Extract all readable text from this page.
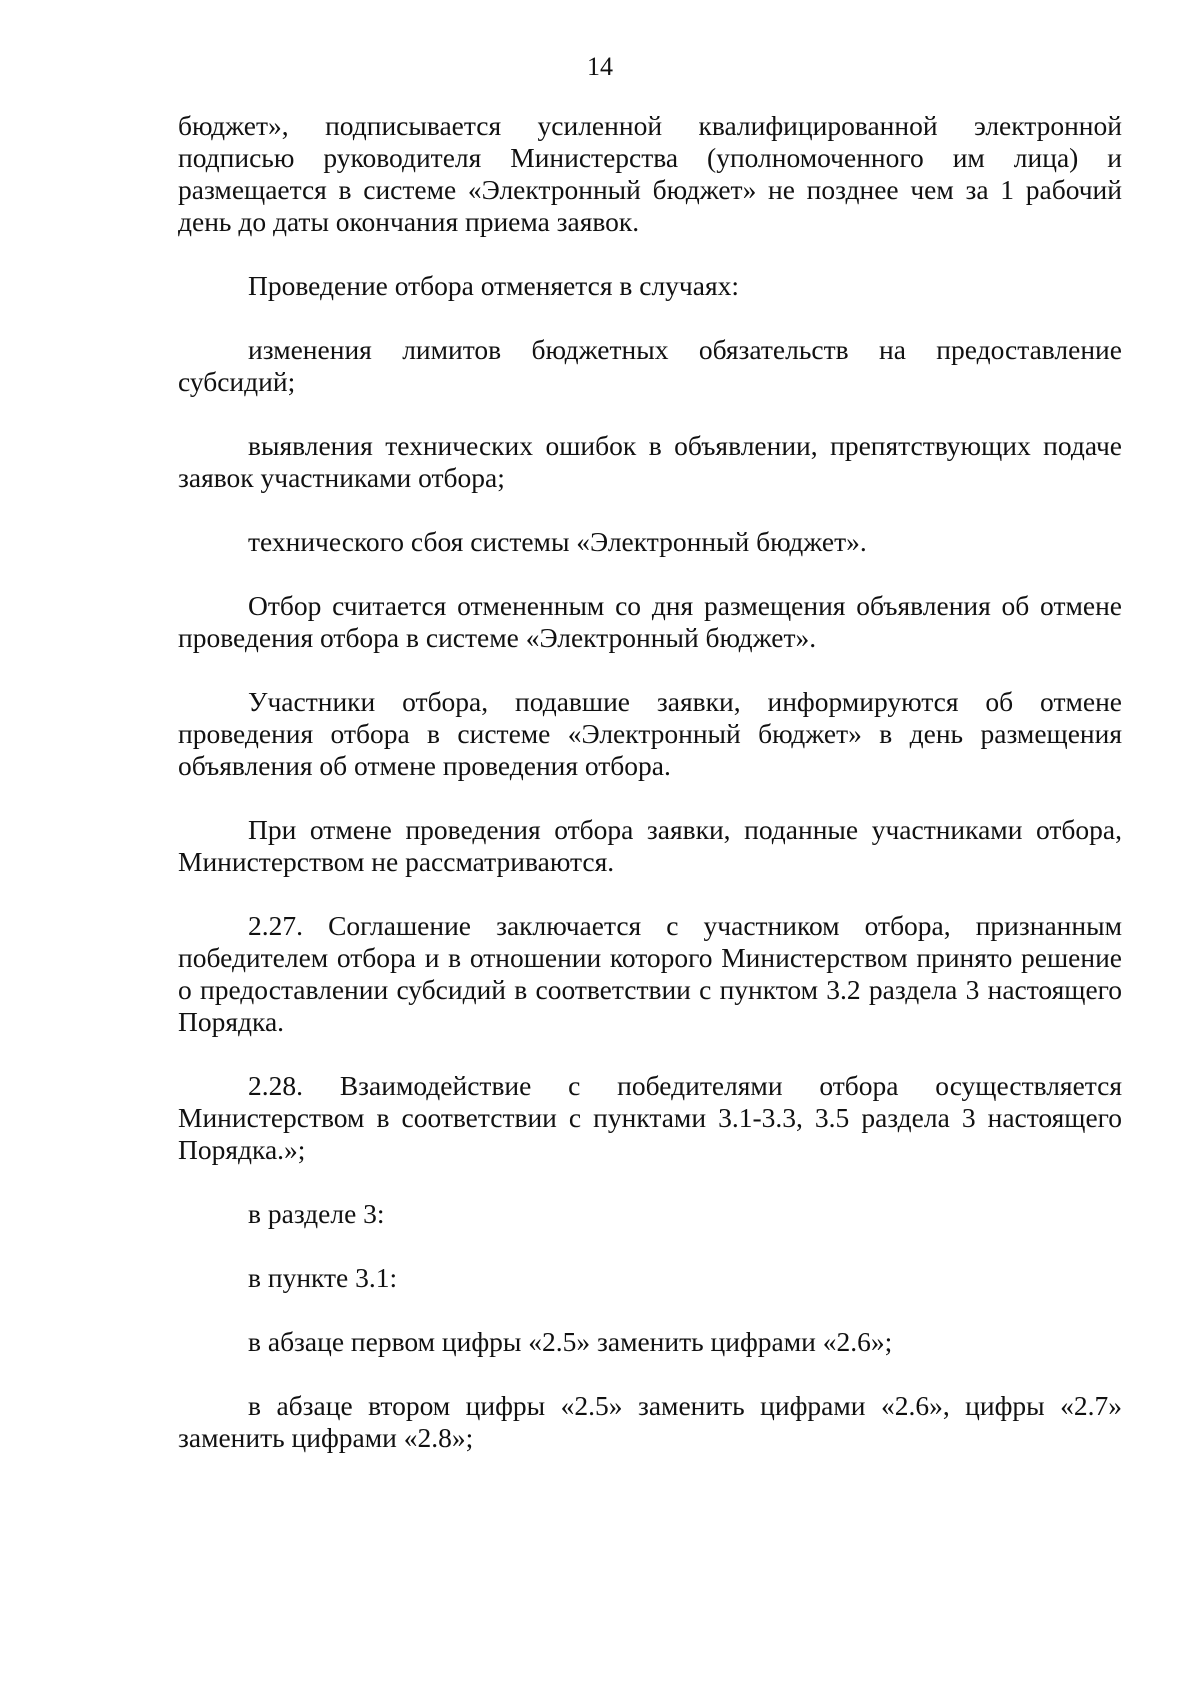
14

бюджет», подписывается усиленной квалифицированной электронной подписью руководителя Министерства (уполномоченного им лица) и размещается в системе «Электронный бюджет» не позднее чем за 1 рабочий день до даты окончания приема заявок.

Проведение отбора отменяется в случаях:

изменения лимитов бюджетных обязательств на предоставление субсидий;

выявления технических ошибок в объявлении, препятствующих подаче заявок участниками отбора;

технического сбоя системы «Электронный бюджет».

Отбор считается отмененным со дня размещения объявления об отмене проведения отбора в системе «Электронный бюджет».

Участники отбора, подавшие заявки, информируются об отмене проведения отбора в системе «Электронный бюджет» в день размещения объявления об отмене проведения отбора.

При отмене проведения отбора заявки, поданные участниками отбора, Министерством не рассматриваются.

2.27. Соглашение заключается с участником отбора, признанным победителем отбора и в отношении которого Министерством принято решение о предоставлении субсидий в соответствии с пунктом 3.2 раздела 3 настоящего Порядка.

2.28. Взаимодействие с победителями отбора осуществляется Министерством в соответствии с пунктами 3.1-3.3, 3.5 раздела 3 настоящего Порядка.»;

в разделе 3:

в пункте 3.1:

в абзаце первом цифры «2.5» заменить цифрами «2.6»;

в абзаце втором цифры «2.5» заменить цифрами «2.6», цифры «2.7» заменить цифрами «2.8»;
